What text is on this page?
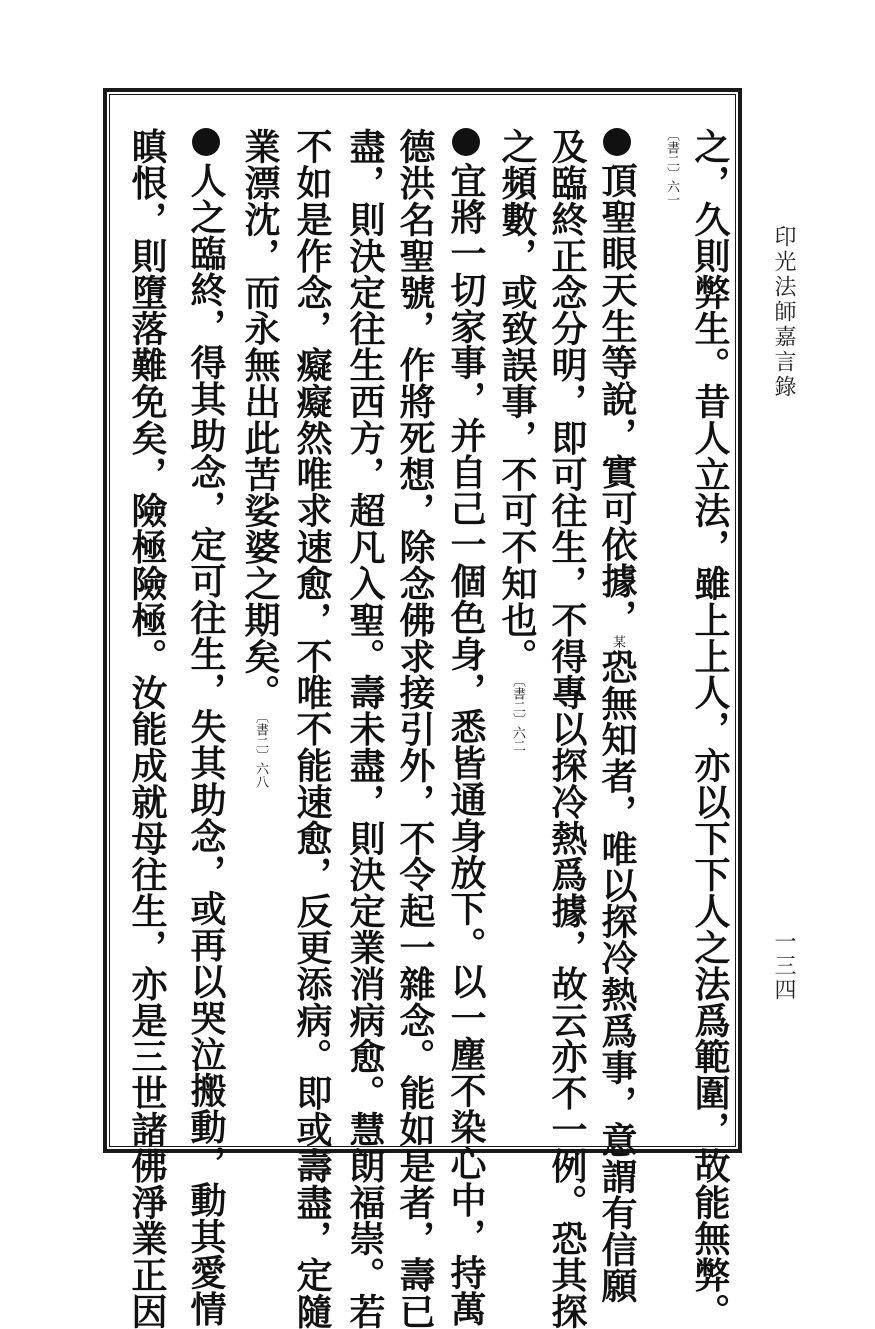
印光法師嘉言錄
一三四
之，久則弊生。昔人立法，雖上上人，亦以下下人之法爲範圍，故能無弊。
〔書二〕六一
頂聖眼天生等說，實可依據，某恐無知者，唯以探冷熱爲事，意謂有信願
及臨終正念分明，即可往生，不得專以探冷熱爲據，故云亦不一例。恐其探
之頻數，或致誤事，不可不知也。〔書二〕六二
宜將一切家事，并自己一個色身，悉皆通身放下。以一塵不染心中，持萬
德洪名聖號，作將死想，除念佛求接引外，不令起一雜念。能如是者，壽已
盡，則決定往生西方，超凡入聖。壽未盡，則決定業消病愈。慧朗福崇。若
不如是作念，癡癡然唯求速愈，不唯不能速愈，反更添病。即或壽盡，定隨
業漂沈，而永無出此苦娑婆之期矣。〔書二〕六八
人之臨終，得其助念，定可往生，失其助念，或再以哭泣搬動，動其愛情
瞋恨，則墮落難免矣，險極險極。汝能成就母往生，亦是三世諸佛淨業正因
